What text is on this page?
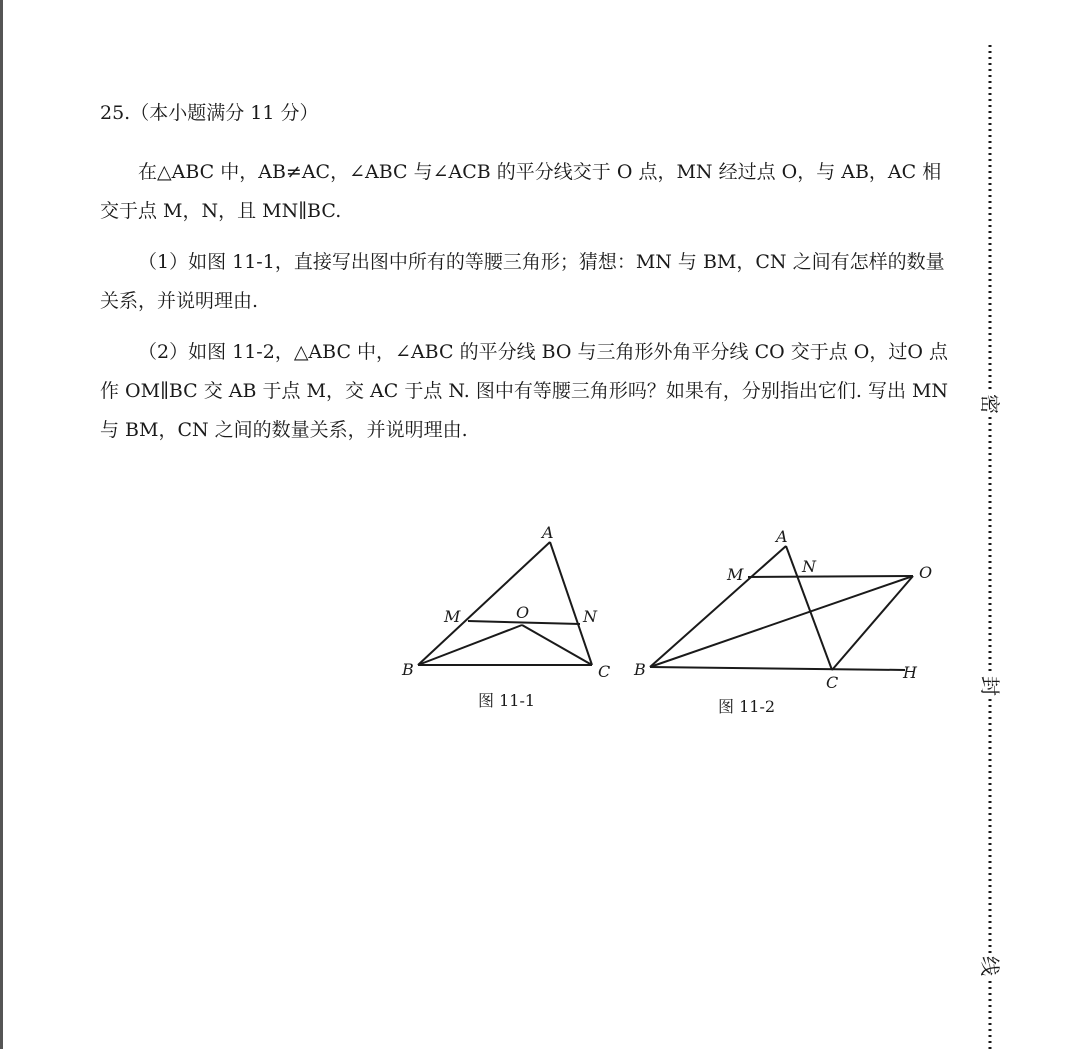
25.（本小题满分 11 分）

在△ABC 中，AB≠AC，∠ABC 与∠ACB 的平分线交于 O 点，MN 经过点 O，与 AB，AC 相交于点 M，N，且 MN∥BC.

（1）如图 11-1，直接写出图中所有的等腰三角形；猜想：MN 与 BM，CN 之间有怎样的数量关系，并说明理由.

（2）如图 11-2，△ABC 中，∠ABC 的平分线 BO 与三角形外角平分线 CO 交于点 O，过O 点作 OM∥BC 交 AB 于点 M，交 AC 于点 N. 图中有等腰三角形吗？如果有，分别指出它们. 写出 MN 与 BM，CN 之间的数量关系，并说明理由.

A
B	C
M	N
O
图 11-1
A
B
C
M	N	O
H
图 11-2
密
封
线
